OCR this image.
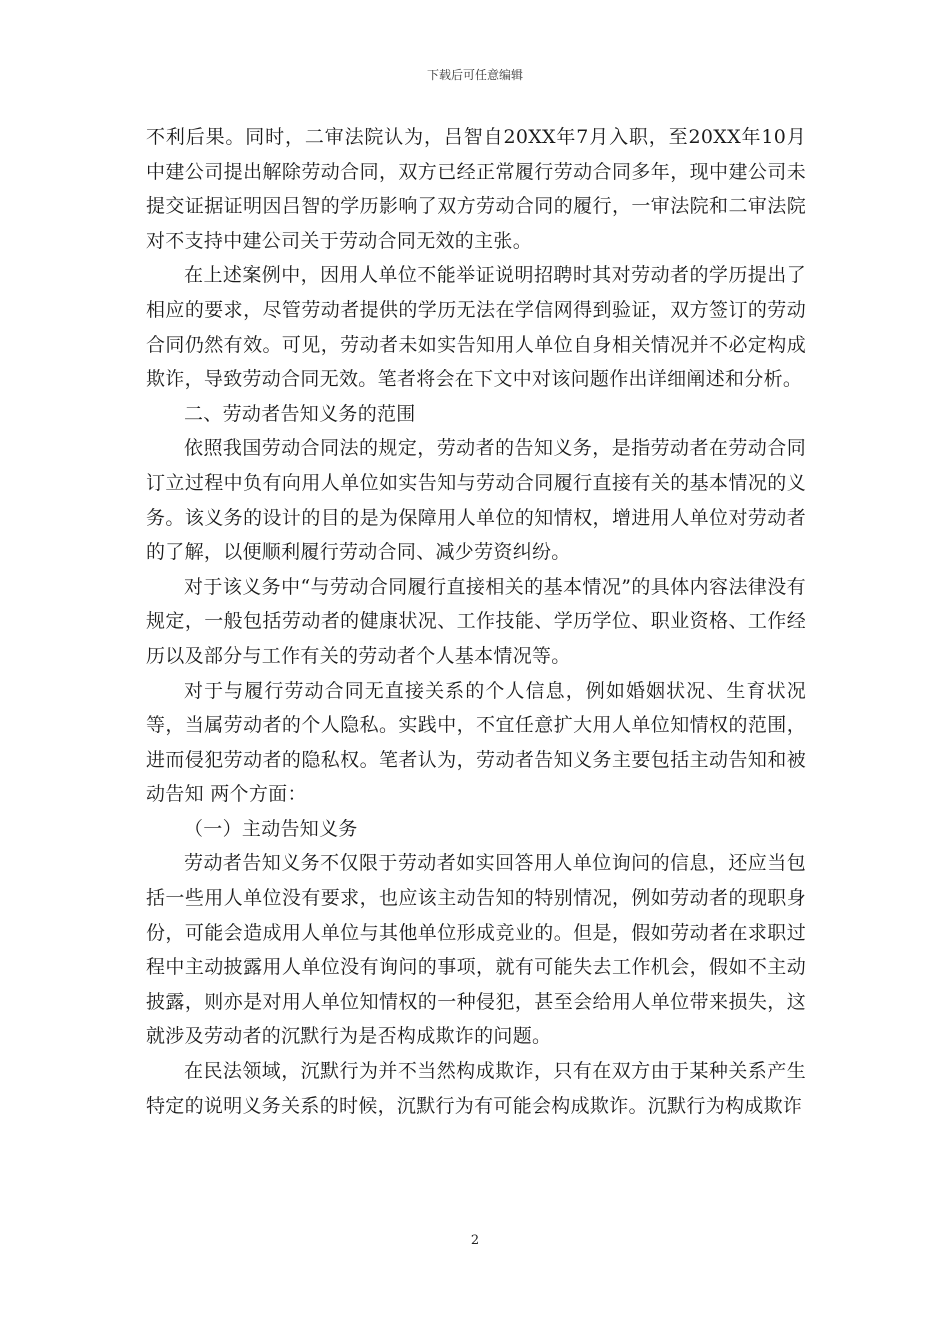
下载后可任意编辑

不利后果。同时，二审法院认为，吕智自20XX年7月入职，至20XX年10月中建公司提出解除劳动合同，双方已经正常履行劳动合同多年，现中建公司未提交证据证明因吕智的学历影响了双方劳动合同的履行，一审法院和二审法院对不支持中建公司关于劳动合同无效的主张。

在上述案例中，因用人单位不能举证说明招聘时其对劳动者的学历提出了相应的要求，尽管劳动者提供的学历无法在学信网得到验证，双方签订的劳动合同仍然有效。可见，劳动者未如实告知用人单位自身相关情况并不必定构成欺诈，导致劳动合同无效。笔者将会在下文中对该问题作出详细阐述和分析。

二、劳动者告知义务的范围

依照我国劳动合同法的规定，劳动者的告知义务，是指劳动者在劳动合同订立过程中负有向用人单位如实告知与劳动合同履行直接有关的基本情况的义务。该义务的设计的目的是为保障用人单位的知情权，增进用人单位对劳动者的了解，以便顺利履行劳动合同、减少劳资纠纷。

对于该义务中“与劳动合同履行直接相关的基本情况”的具体内容法律没有规定，一般包括劳动者的健康状况、工作技能、学历学位、职业资格、工作经历以及部分与工作有关的劳动者个人基本情况等。

对于与履行劳动合同无直接关系的个人信息，例如婚姻状况、生育状况等，当属劳动者的个人隐私。实践中，不宜任意扩大用人单位知情权的范围，进而侵犯劳动者的隐私权。笔者认为，劳动者告知义务主要包括主动告知和被动告知 两个方面：

（一）主动告知义务

劳动者告知义务不仅限于劳动者如实回答用人单位询问的信息，还应当包括一些用人单位没有要求，也应该主动告知的特别情况，例如劳动者的现职身份，可能会造成用人单位与其他单位形成竞业的。但是，假如劳动者在求职过程中主动披露用人单位没有询问的事项，就有可能失去工作机会，假如不主动披露，则亦是对用人单位知情权的一种侵犯，甚至会给用人单位带来损失，这就涉及劳动者的沉默行为是否构成欺诈的问题。

在民法领域，沉默行为并不当然构成欺诈，只有在双方由于某种关系产生特定的说明义务关系的时候，沉默行为有可能会构成欺诈。沉默行为构成欺诈

2
